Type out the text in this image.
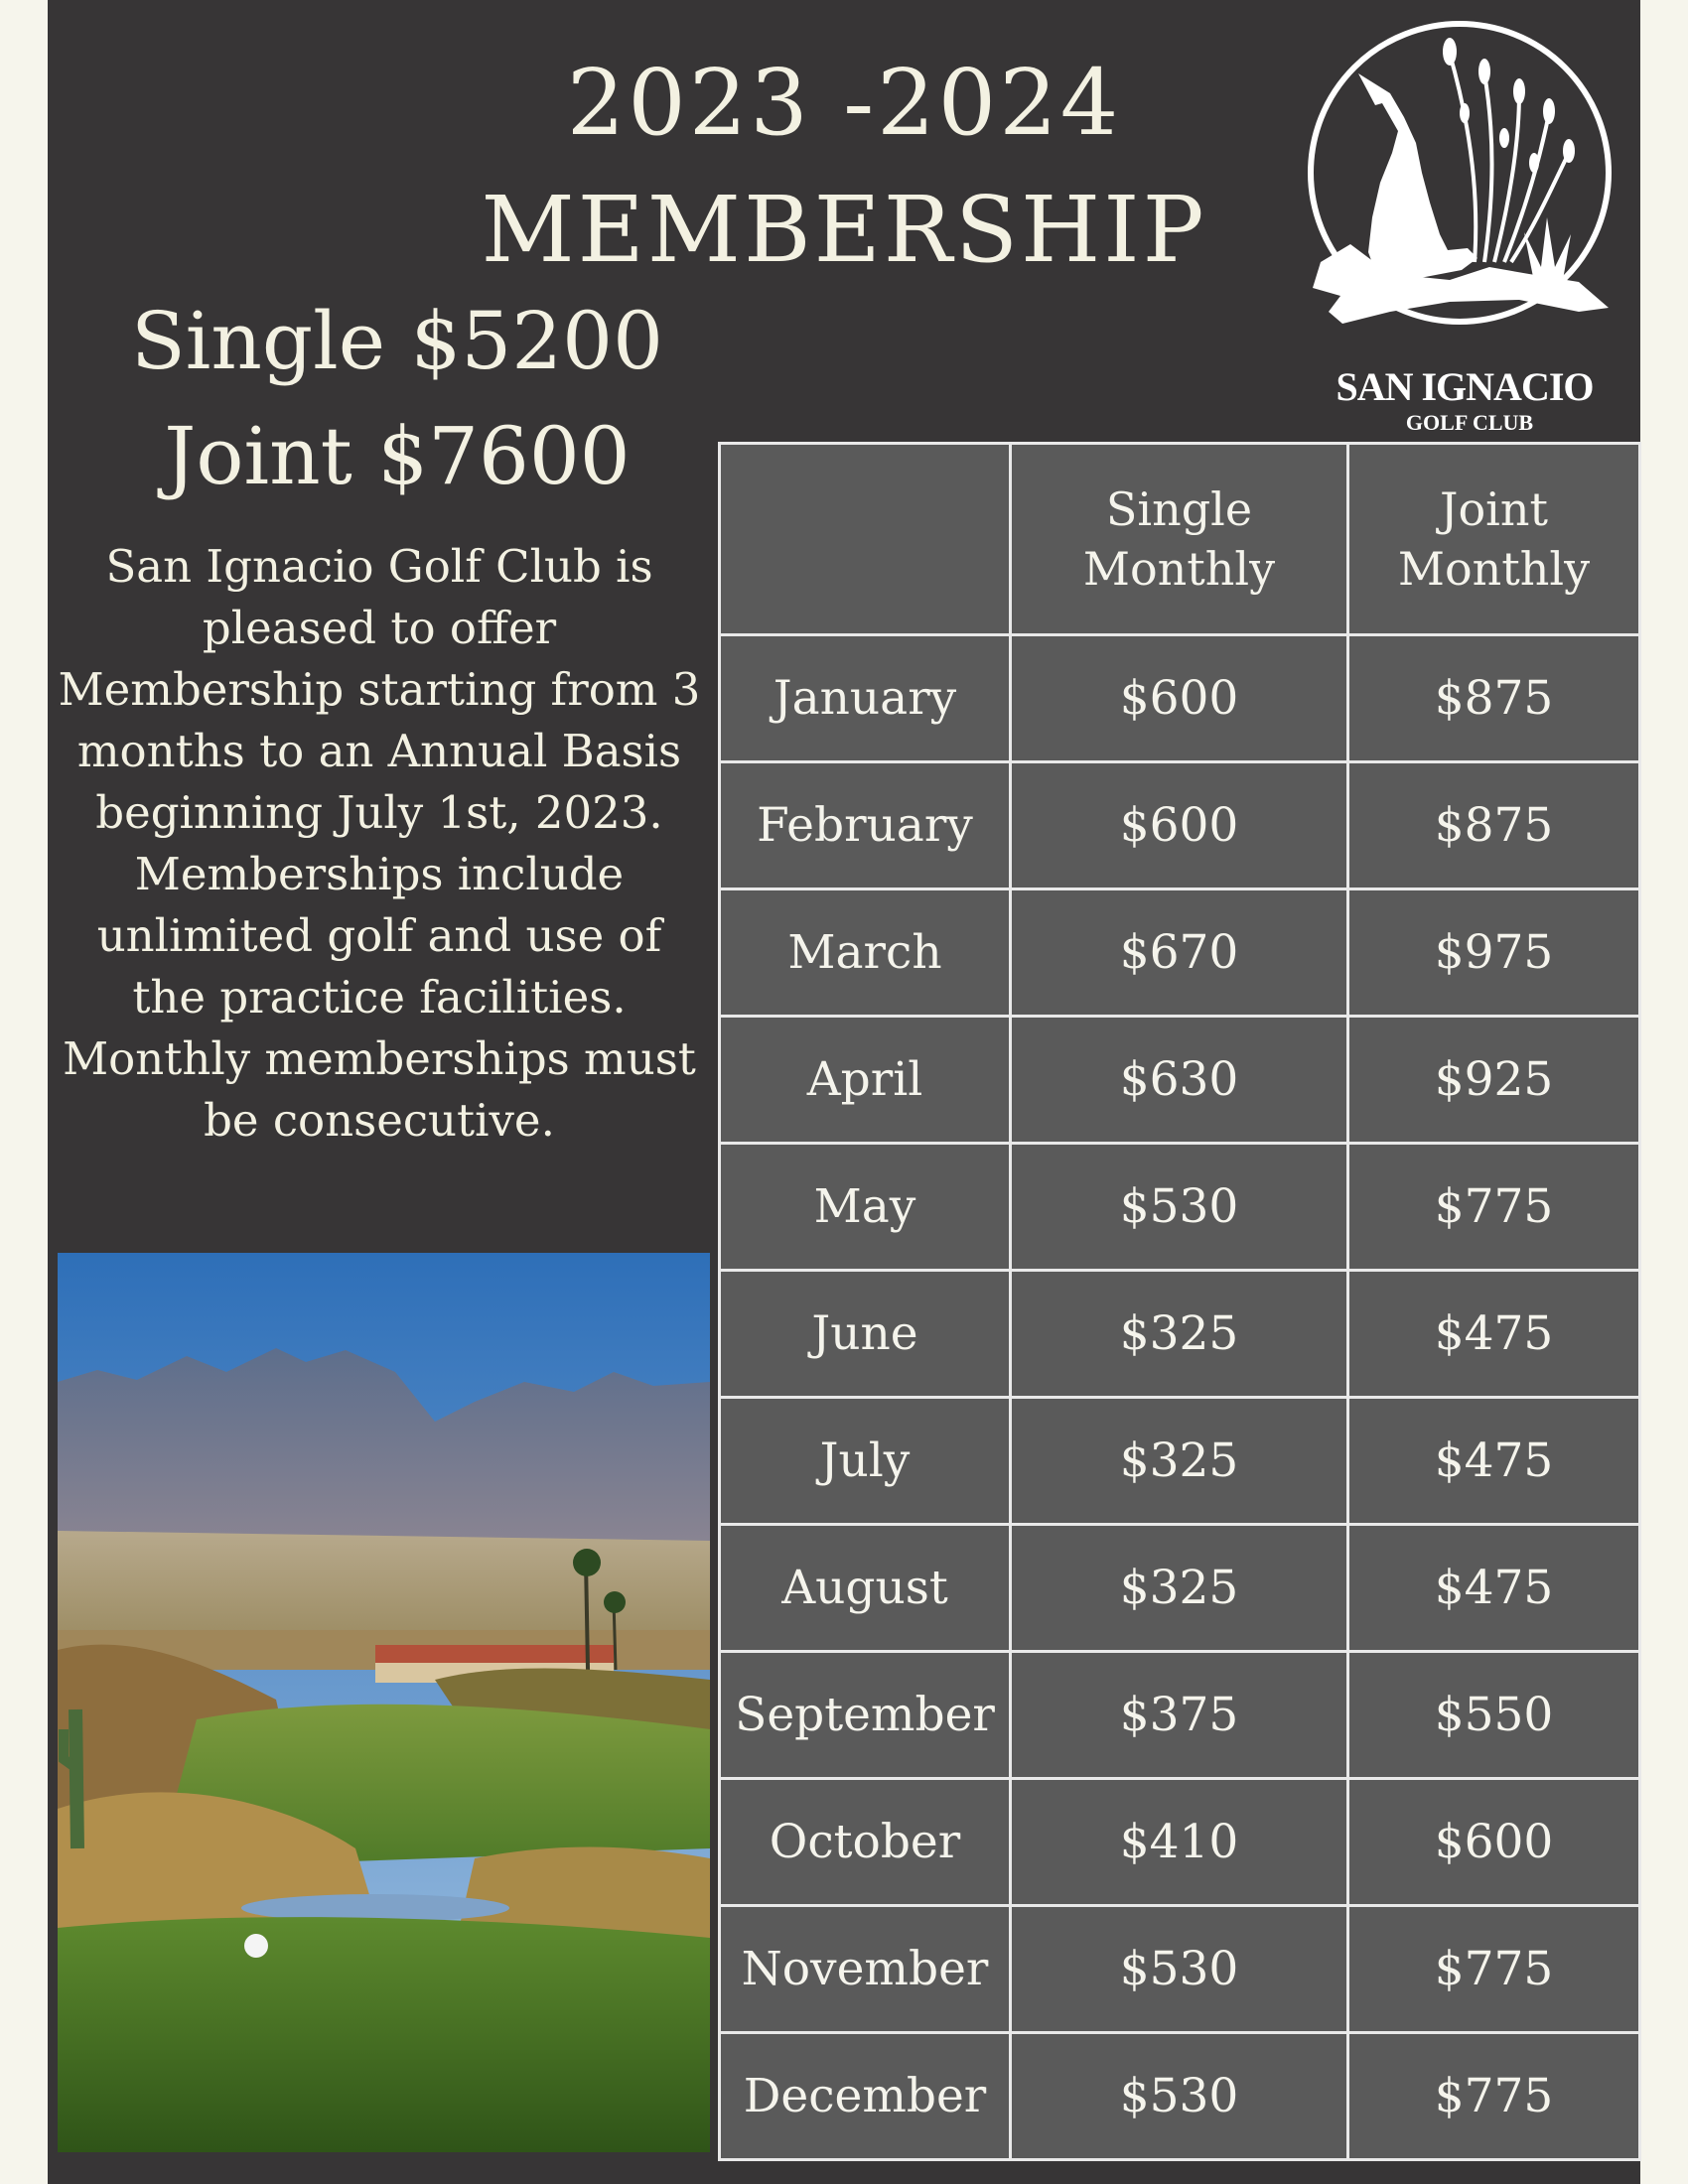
2023 -2024
MEMBERSHIP

Single $5200

Joint $7600

San Ignacio Golf Club is pleased to offer Membership starting from 3 months to an Annual Basis beginning July 1st, 2023. Memberships include unlimited golf and use of the practice facilities. Monthly memberships must be consecutive.

SAN IGNACIO
GOLF CLUB
	Single Monthly	Joint Monthly
January	$600	$875
February	$600	$875
March	$670	$975
April	$630	$925
May	$530	$775
June	$325	$475
July	$325	$475
August	$325	$475
September	$375	$550
October	$410	$600
November	$530	$775
December	$530	$775
